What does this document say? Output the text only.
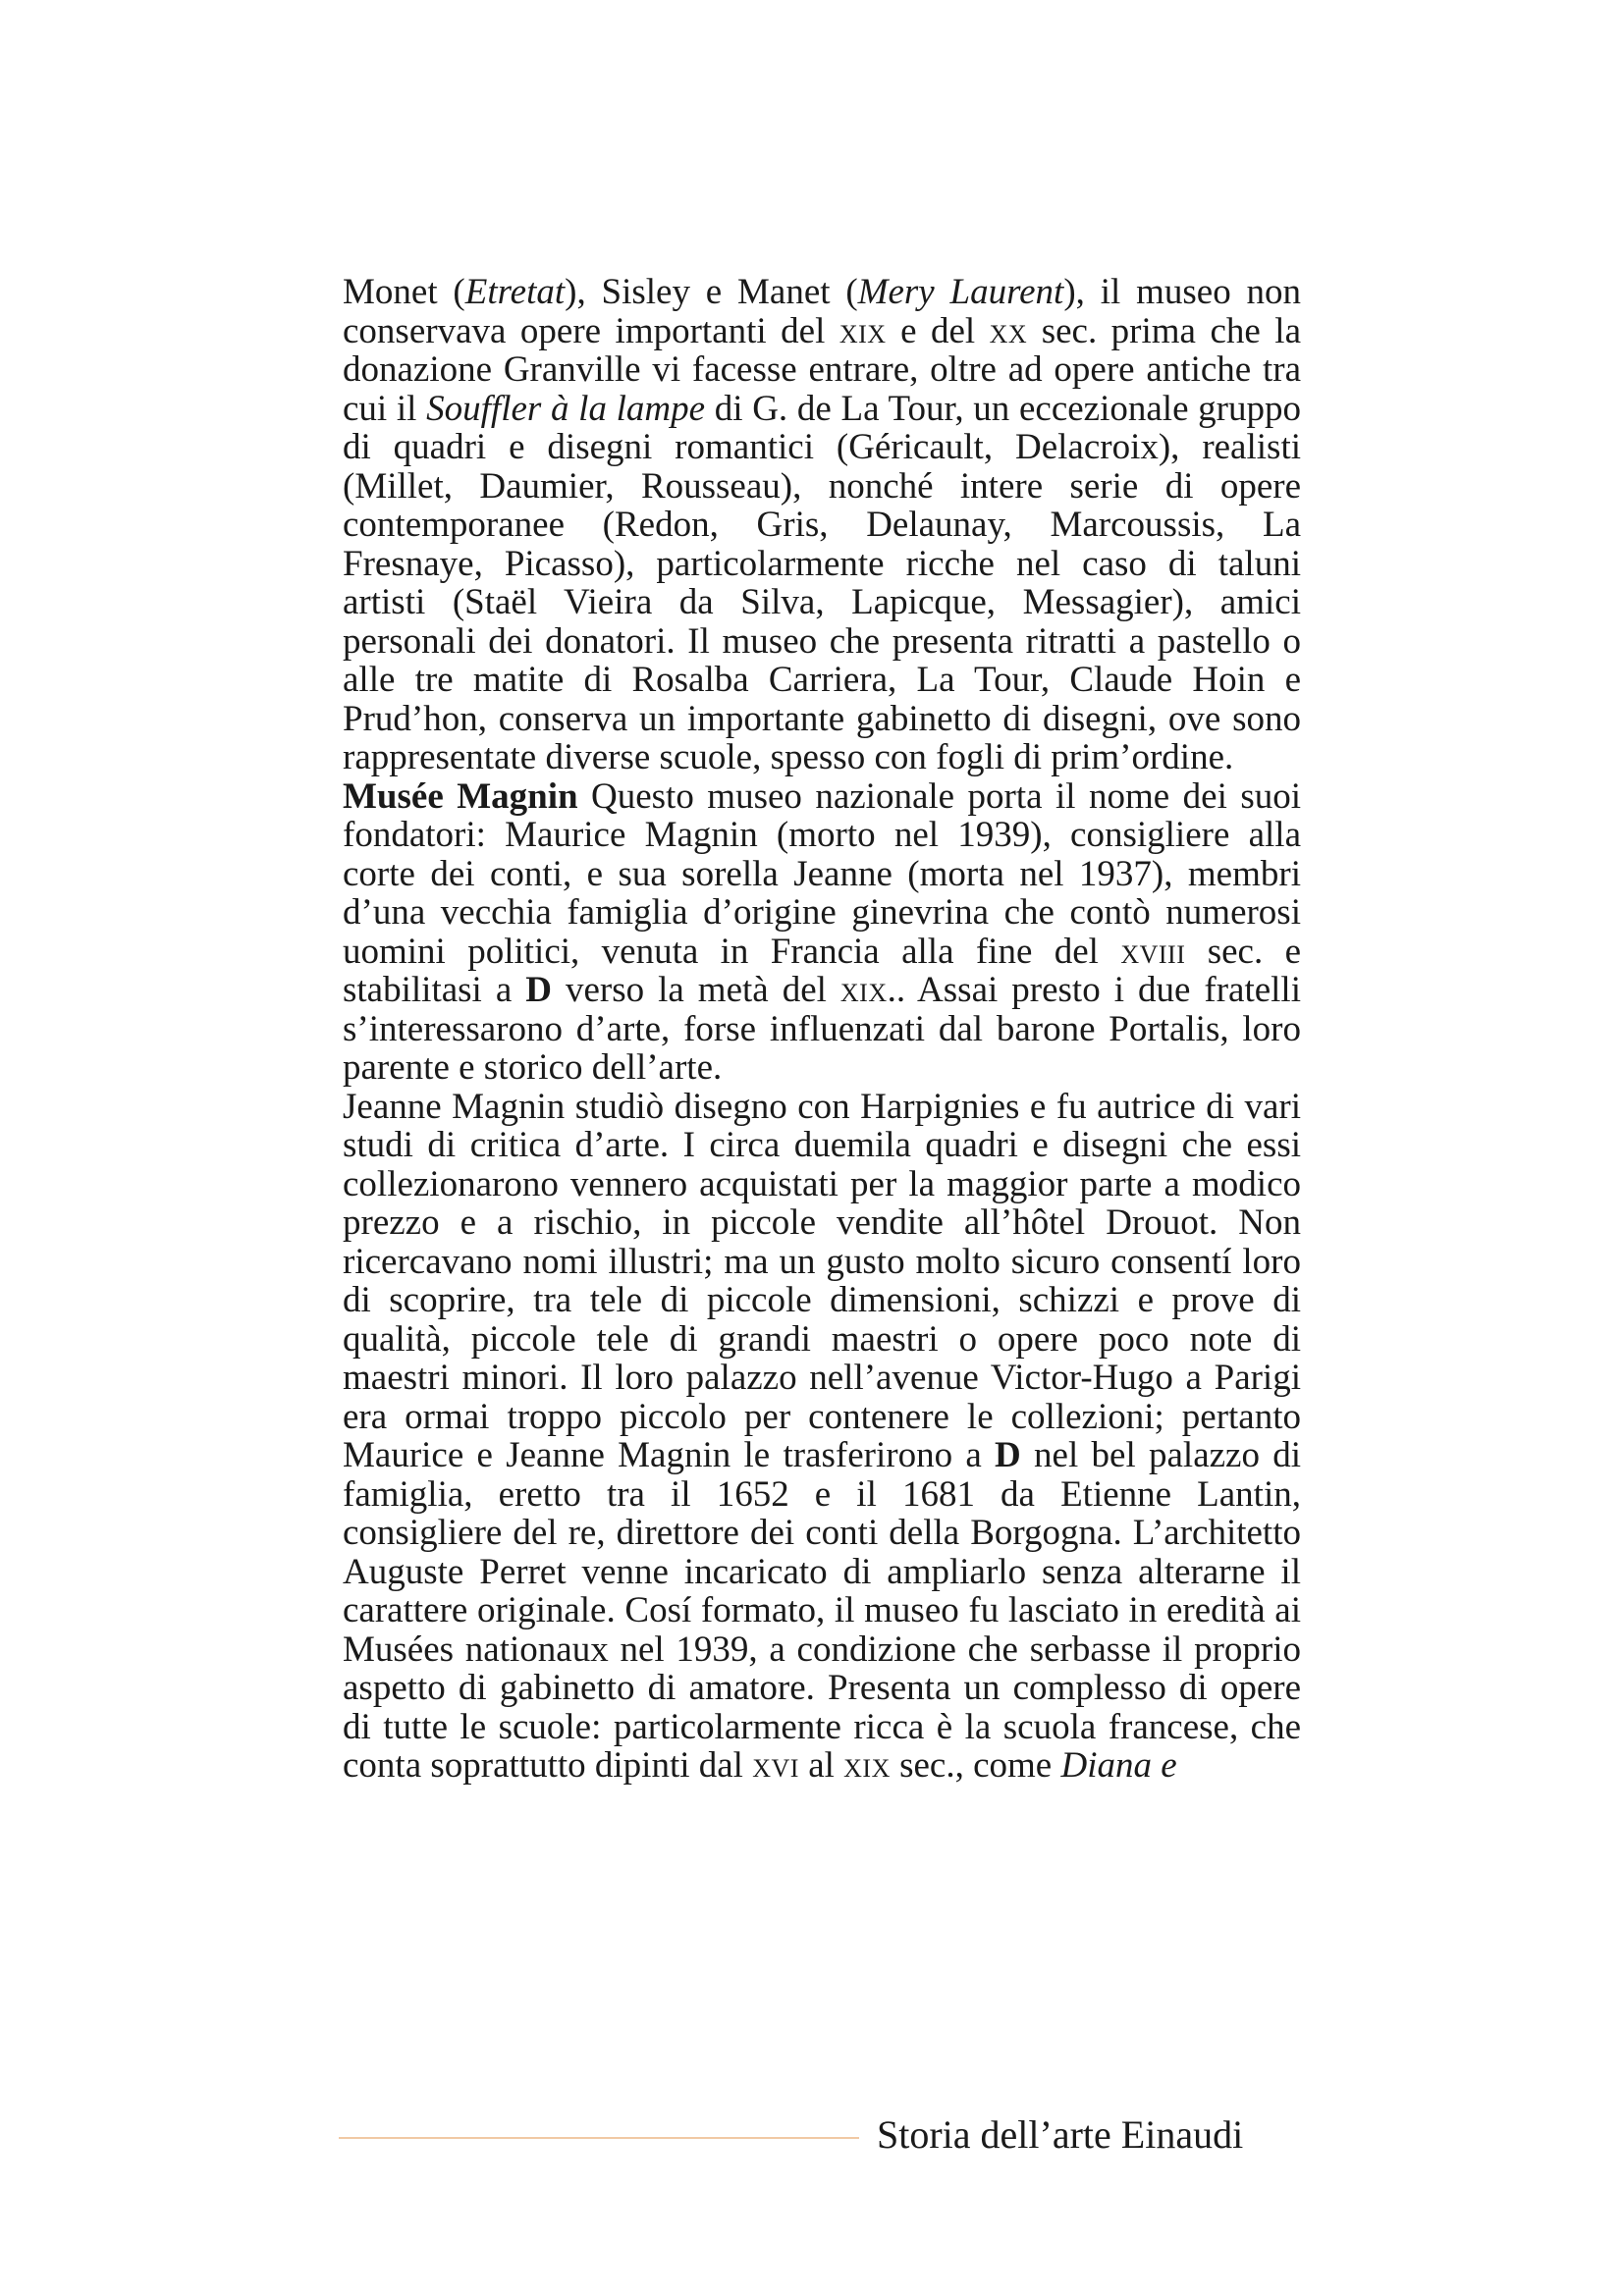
Monet (Etretat), Sisley e Manet (Mery Laurent), il museo non conservava opere importanti del xix e del xx sec. prima che la donazione Granville vi facesse entrare, oltre ad opere antiche tra cui il Souffler à la lampe di G. de La Tour, un eccezionale gruppo di quadri e disegni romantici (Géricault, Delacroix), realisti (Millet, Daumier, Rousseau), nonché intere serie di opere contemporanee (Redon, Gris, Delaunay, Marcoussis, La Fresnaye, Picasso), particolarmente ricche nel caso di taluni artisti (Staël Vieira da Silva, Lapicque, Messagier), amici personali dei donatori. Il museo che presenta ritratti a pastello o alle tre matite di Rosalba Carriera, La Tour, Claude Hoin e Prud’hon, conserva un importante gabinetto di disegni, ove sono rappresentate diverse scuole, spesso con fogli di prim’ordine.

Musée Magnin Questo museo nazionale porta il nome dei suoi fondatori: Maurice Magnin (morto nel 1939), consigliere alla corte dei conti, e sua sorella Jeanne (morta nel 1937), membri d’una vecchia famiglia d’origine ginevrina che contò numerosi uomini politici, venuta in Francia alla fine del xviii sec. e stabilitasi a D verso la metà del xix.. Assai presto i due fratelli s’interessarono d’arte, forse influenzati dal barone Portalis, loro parente e storico dell’arte.

Jeanne Magnin studiò disegno con Harpignies e fu autrice di vari studi di critica d’arte. I circa duemila quadri e disegni che essi collezionarono vennero acquistati per la maggior parte a modico prezzo e a rischio, in piccole vendite all’hôtel Drouot. Non ricercavano nomi illustri; ma un gusto molto sicuro consentí loro di scoprire, tra tele di piccole dimensioni, schizzi e prove di qualità, piccole tele di grandi maestri o opere poco note di maestri minori. Il loro palazzo nell’avenue Victor-Hugo a Parigi era ormai troppo piccolo per contenere le collezioni; pertanto Maurice e Jeanne Magnin le trasferirono a D nel bel palazzo di famiglia, eretto tra il 1652 e il 1681 da Etienne Lantin, consigliere del re, direttore dei conti della Borgogna. L’architetto Auguste Perret venne incaricato di ampliarlo senza alterarne il carattere originale. Cosí formato, il museo fu lasciato in eredità ai Musées nationaux nel 1939, a condizione che serbasse il proprio aspetto di gabinetto di amatore. Presenta un complesso di opere di tutte le scuole: particolarmente ricca è la scuola francese, che conta soprattutto dipinti dal xvi al xix sec., come Diana e

Storia dell’arte Einaudi
